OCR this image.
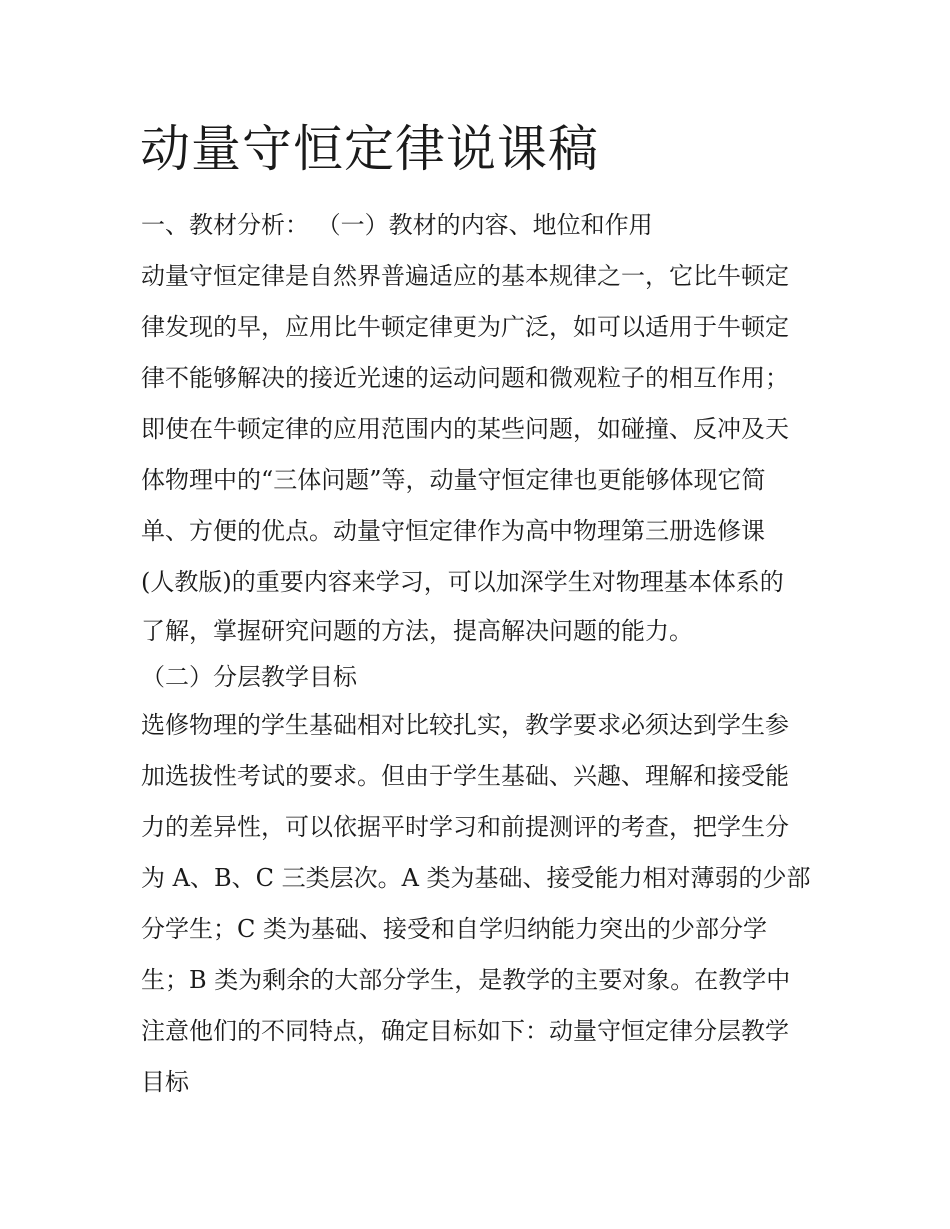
动量守恒定律说课稿

一、教材分析： （一）教材的内容、地位和作用

动量守恒定律是自然界普遍适应的基本规律之一，它比牛顿定

律发现的早，应用比牛顿定律更为广泛，如可以适用于牛顿定

律不能够解决的接近光速的运动问题和微观粒子的相互作用；

即使在牛顿定律的应用范围内的某些问题，如碰撞、反冲及天

体物理中的“三体问题”等，动量守恒定律也更能够体现它简

单、方便的优点。动量守恒定律作为高中物理第三册选修课

(人教版)的重要内容来学习，可以加深学生对物理基本体系的

了解，掌握研究问题的方法，提高解决问题的能力。

（二）分层教学目标

选修物理的学生基础相对比较扎实，教学要求必须达到学生参

加选拔性考试的要求。但由于学生基础、兴趣、理解和接受能

力的差异性，可以依据平时学习和前提测评的考查，把学生分

为 A、B、C 三类层次。A 类为基础、接受能力相对薄弱的少部

分学生；C 类为基础、接受和自学归纳能力突出的少部分学

生；B 类为剩余的大部分学生，是教学的主要对象。在教学中

注意他们的不同特点，确定目标如下：动量守恒定律分层教学

目标
